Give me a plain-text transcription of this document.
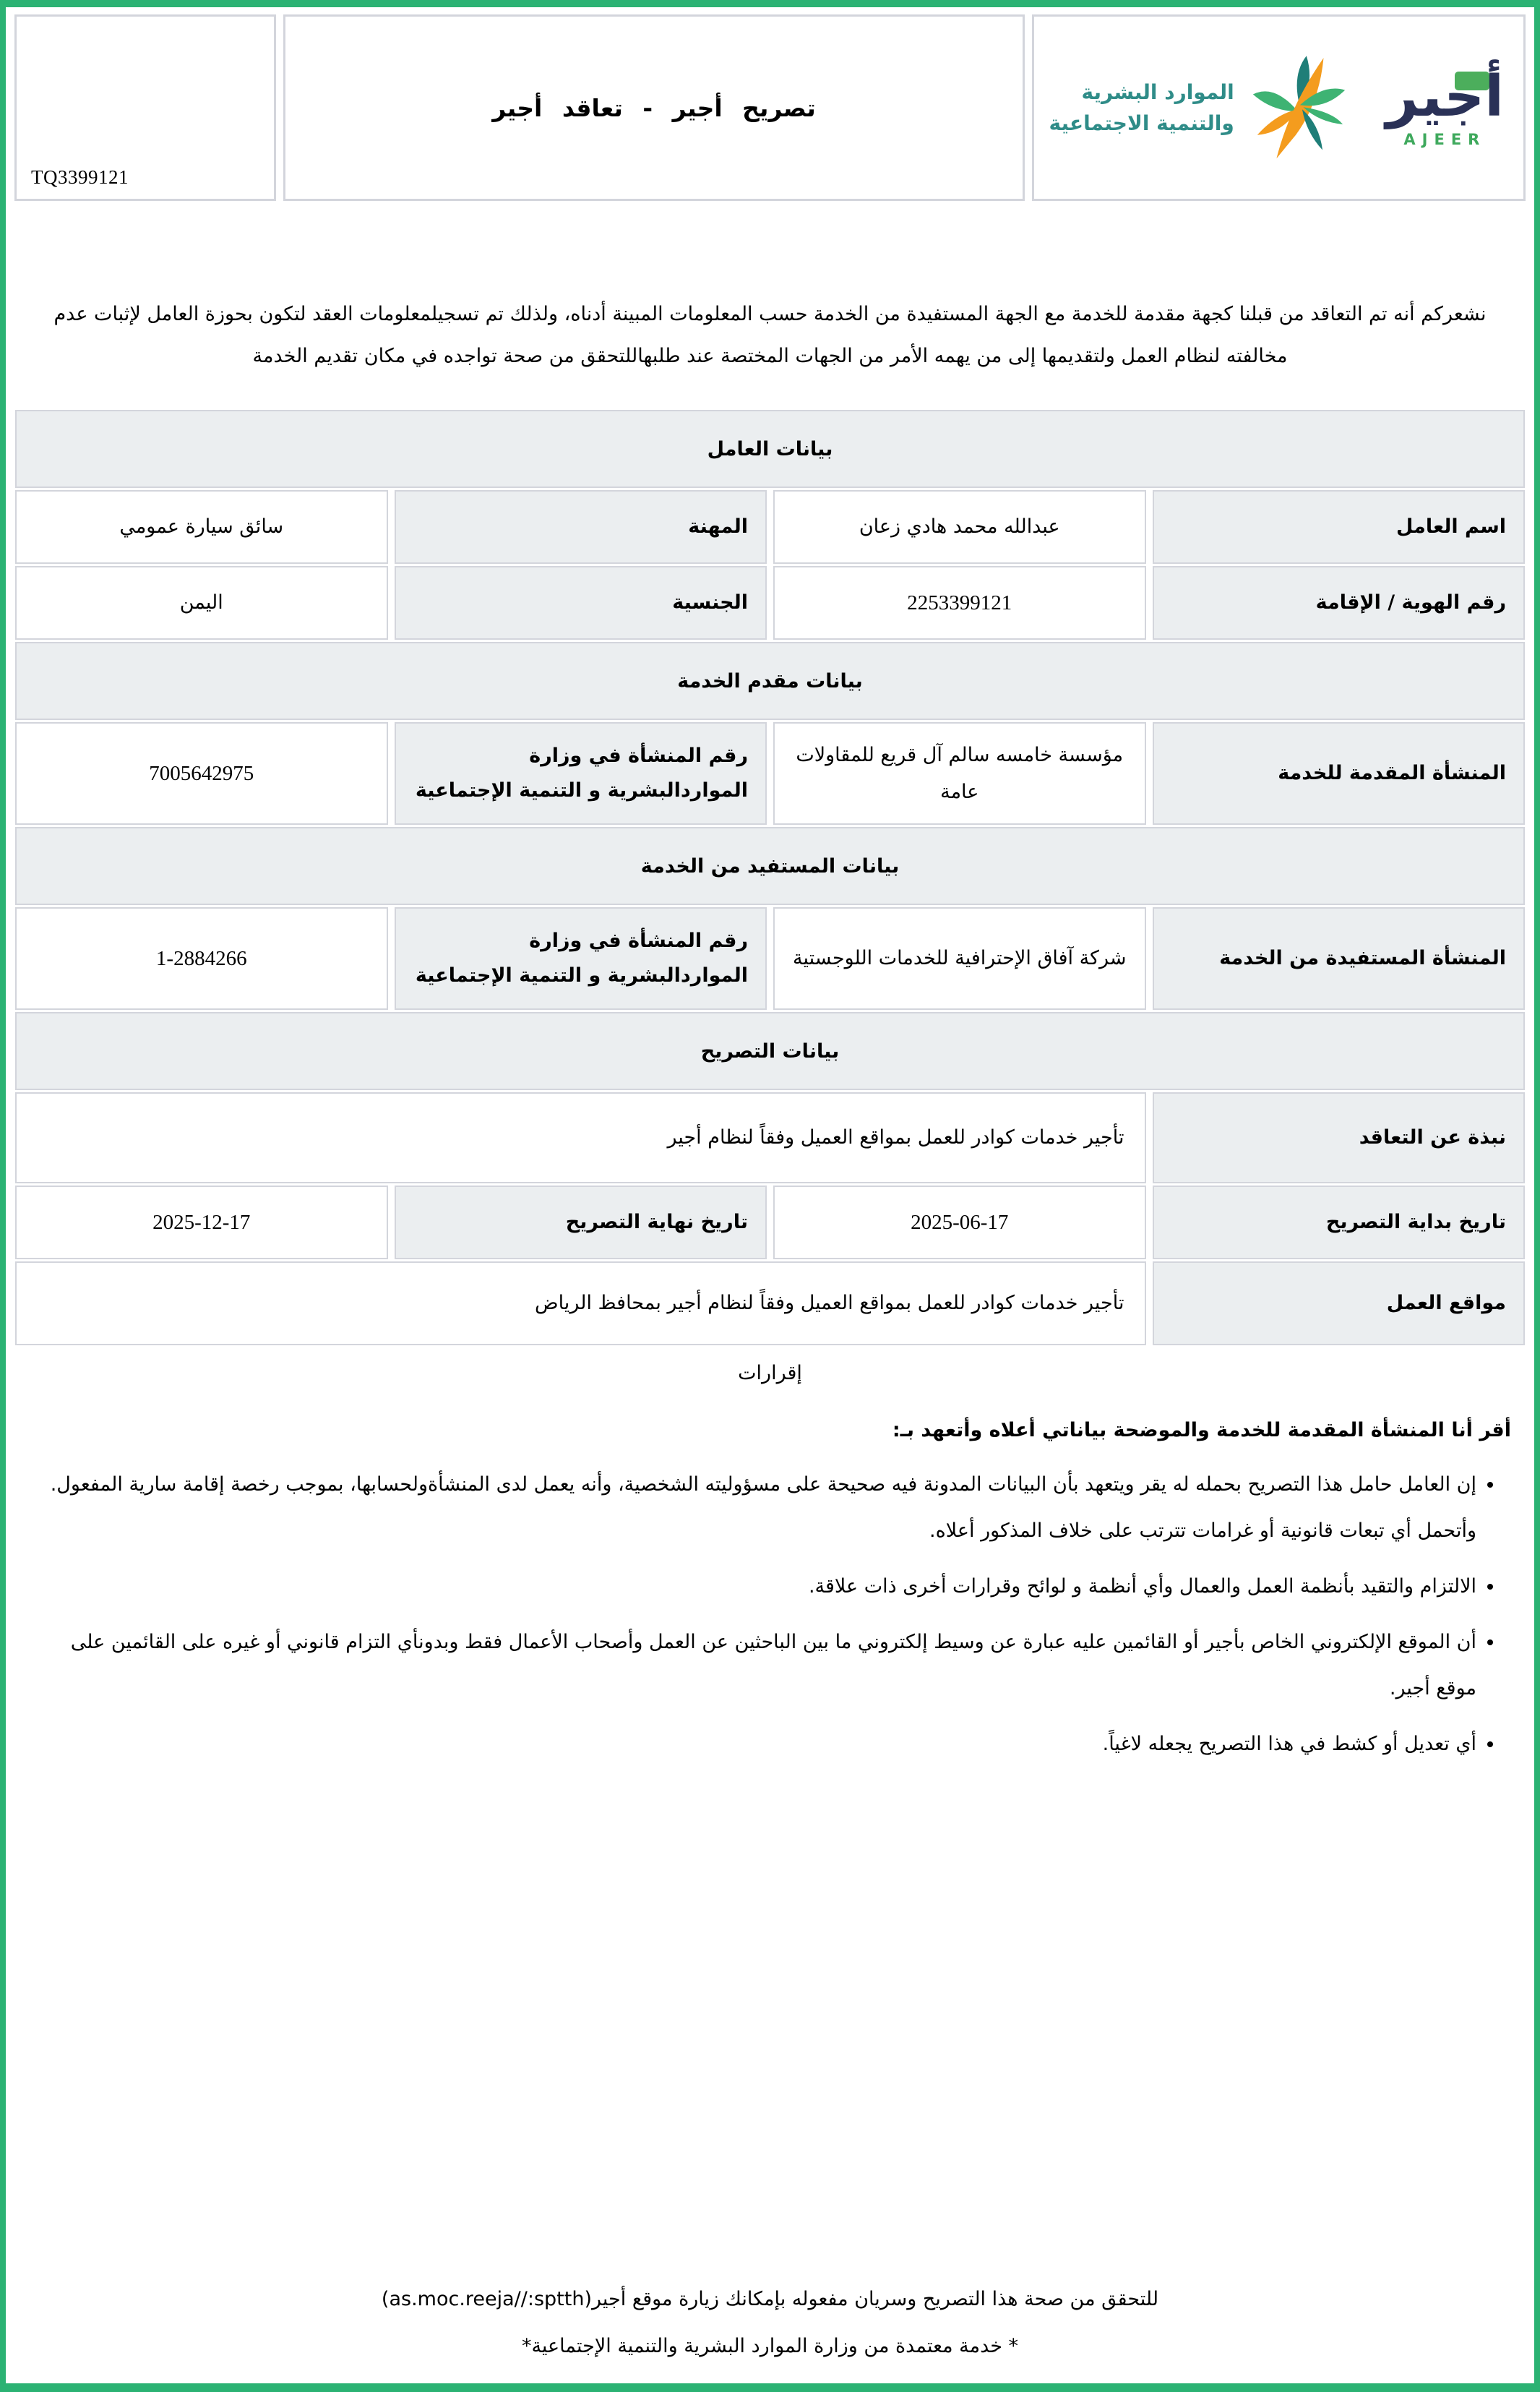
الموارد البشرية
والتنمية الاجتماعية	أجير
AJEER
تصريح أجير - تعاقد أجير
TQ3399121
نشعركم أنه تم التعاقد من قبلنا كجهة مقدمة للخدمة مع الجهة المستفيدة من الخدمة حسب المعلومات المبينة أدناه، ولذلك تم تسجيلمعلومات العقد لتكون بحوزة العامل لإثبات عدم مخالفته لنظام العمل ولتقديمها إلى من يهمه الأمر من الجهات المختصة عند طلبهاللتحقق من صحة تواجده في مكان تقديم الخدمة
بيانات العامل			
اسم العامل	عبدالله محمد هادي زعان	المهنة	سائق سيارة عمومي
رقم الهوية / الإقامة	2253399121	الجنسية	اليمن
بيانات مقدم الخدمة			
المنشأة المقدمة للخدمة	مؤسسة خامسه سالم آل قريع للمقاولات عامة	رقم المنشأة في وزارة المواردالبشرية و التنمية الإجتماعية	7005642975
بيانات المستفيد من الخدمة			
المنشأة المستفيدة من الخدمة	شركة آفاق الإحترافية للخدمات اللوجستية	رقم المنشأة في وزارة المواردالبشرية و التنمية الإجتماعية	1-2884266
بيانات التصريح			
نبذة عن التعاقد	تأجير خدمات كوادر للعمل بمواقع العميل وفقاً لنظام أجير		
تاريخ بداية التصريح	2025-06-17	تاريخ نهاية التصريح	2025-12-17
مواقع العمل	تأجير خدمات كوادر للعمل بمواقع العميل وفقاً لنظام أجير بمحافظ الرياض		
إقرارات
أقر أنا المنشأة المقدمة للخدمة والموضحة بياناتي أعلاه وأتعهد بـ:
• إن العامل حامل هذا التصريح بحمله له يقر ويتعهد بأن البيانات المدونة فيه صحيحة على مسؤوليته الشخصية، وأنه يعمل لدى المنشأةولحسابها، بموجب رخصة إقامة سارية المفعول. وأتحمل أي تبعات قانونية أو غرامات تترتب على خلاف المذكور أعلاه.
• الالتزام والتقيد بأنظمة العمل والعمال وأي أنظمة و لوائح وقرارات أخرى ذات علاقة.
• أن الموقع الإلكتروني الخاص بأجير أو القائمين عليه عبارة عن وسيط إلكتروني ما بين الباحثين عن العمل وأصحاب الأعمال فقط وبدونأي التزام قانوني أو غيره على القائمين على موقع أجير.
• أي تعديل أو كشط في هذا التصريح يجعله لاغياً.
للتحقق من صحة هذا التصريح وسريان مفعوله بإمكانك زيارة موقع أجير(as.moc.reeja//:sptth)
* خدمة معتمدة من وزارة الموارد البشرية والتنمية الإجتماعية*
